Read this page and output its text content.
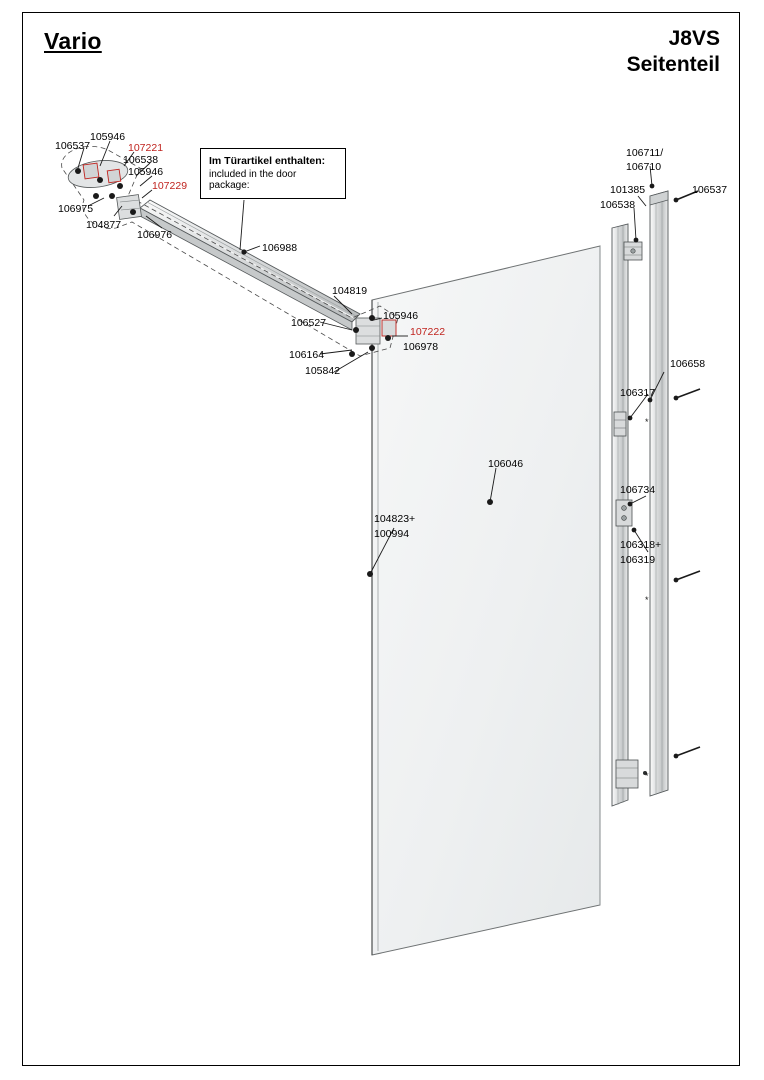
Vario	J8VS
Seitenteil
*
*
*
Im Türartikel enthalten:
included in the door package:
106537
105946
107221
106538
105946
107229
106975
104877
106976
106988
104819
106527
105946
107222
106978
106164
105842
106046
104823+
100994
106711/
106710
101385
106538
106537
106658
106317
106734
106318+
106319
